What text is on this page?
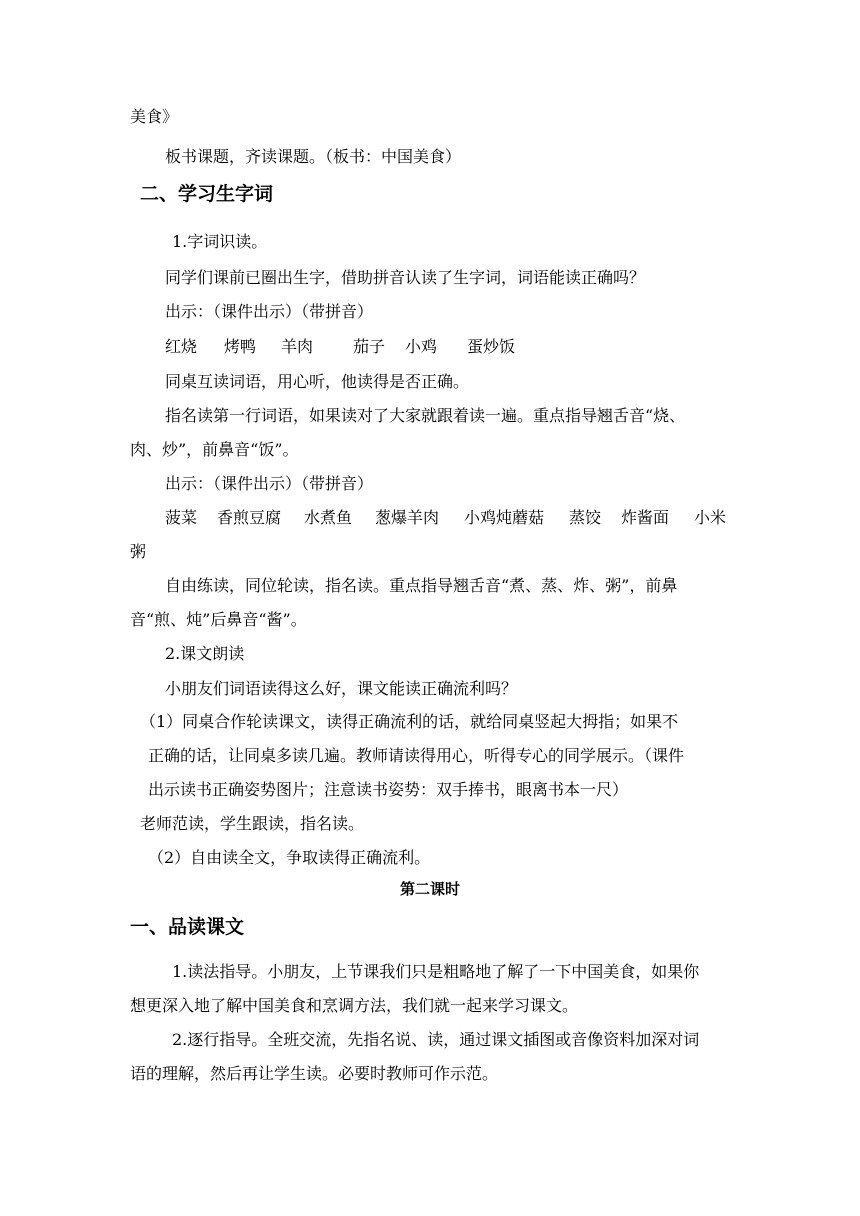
美食》

板书课题，齐读课题。（板书：中国美食）

二、学习生字词

1.字词识读。

同学们课前已圈出生字，借助拼音认读了生字词，词语能读正确吗？

出示：（课件出示）（带拼音）

红烧 烤鸭 羊肉 茄子 小鸡 蛋炒饭

同桌互读词语，用心听，他读得是否正确。

指名读第一行词语，如果读对了大家就跟着读一遍。重点指导翘舌音“烧、

肉、炒”，前鼻音“饭”。

出示：（课件出示）（带拼音）

菠菜 香煎豆腐 水煮鱼 葱爆羊肉 小鸡炖蘑菇 蒸饺 炸酱面 小米

粥

自由练读，同位轮读，指名读。重点指导翘舌音“煮、蒸、炸、粥”，前鼻

音“煎、炖”后鼻音“酱”。

2.课文朗读

小朋友们词语读得这么好，课文能读正确流利吗？

（1）同桌合作轮读课文，读得正确流利的话，就给同桌竖起大拇指；如果不

正确的话，让同桌多读几遍。教师请读得用心，听得专心的同学展示。（课件

出示读书正确姿势图片；注意读书姿势：双手捧书，眼离书本一尺）

老师范读，学生跟读，指名读。

（2）自由读全文，争取读得正确流利。

第二课时

一、品读课文

1.读法指导。小朋友，上节课我们只是粗略地了解了一下中国美食，如果你

想更深入地了解中国美食和烹调方法，我们就一起来学习课文。

2.逐行指导。全班交流，先指名说、读，通过课文插图或音像资料加深对词

语的理解，然后再让学生读。必要时教师可作示范。
